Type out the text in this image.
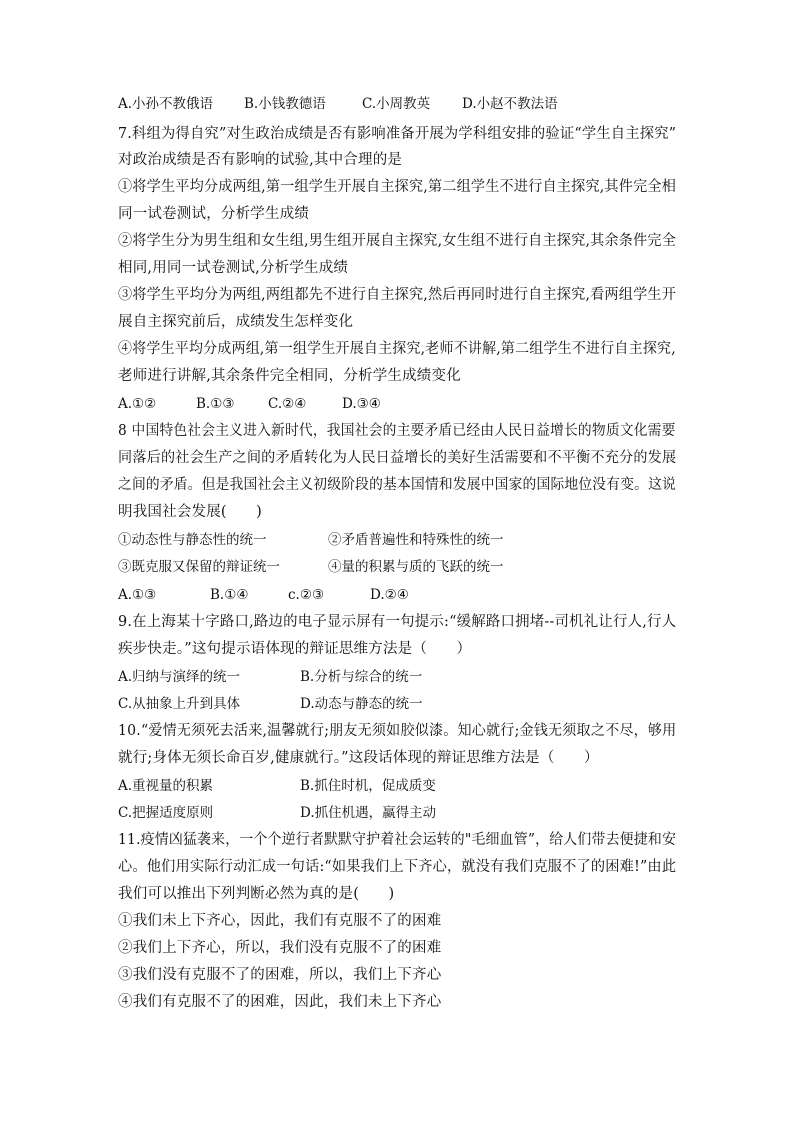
A.小孙不教俄语 B.小钱教德语	C.小周教英 D.小赵不教法语
7.科组为得自究”对生政治成绩是否有影响准备开展为学科组安排的验证“学生自主探究”
对政治成绩是否有影响的试验,其中合理的是
①将学生平均分成两组,第一组学生开展自主探究,第二组学生不进行自主探究,其件完全相
同一试卷测试，分析学生成绩
②将学生分为男生组和女生组,男生组开展自主探究,女生组不进行自主探究,其余条件完全
相同,用同一试卷测试,分析学生成绩
③将学生平均分为两组,两组都先不进行自主探究,然后再同时进行自主探究,看两组学生开
展自主探究前后，成绩发生怎样变化
④将学生平均分成两组,第一组学生开展自主探究,老师不讲解,第二组学生不进行自主探究,
老师进行讲解,其余条件完全相同，分析学生成绩变化
A.①②	B.①③ C.②④	D.③④
8 中国特色社会主义进入新时代，我国社会的主要矛盾已经由人民日益增长的物质文化需要
同落后的社会生产之间的矛盾转化为人民日益增长的美好生活需要和不平衡不充分的发展
之间的矛盾。但是我国社会主义初级阶段的基本国情和发展中国家的国际地位没有变。这说
明我国社会发展(　　)
①动态性与静态性的统一	②矛盾普遍性和特殊性的统一
③既克服又保留的辩证统一	④量的积累与质的飞跃的统一
A.①③	B.①④	c.②③	D.②④
9.在上海某十字路口,路边的电子显示屏有一句提示:“缓解路口拥堵--司机礼让行人,行人
疾步快走。”这句提示语体现的辩证思维方法是（　　）
A.归纳与演绎的统一	B.分析与综合的统一
C.从抽象上升到具体	D.动态与静态的统一
10.“爱情无须死去活来,温馨就行;朋友无须如胶似漆。知心就行;金钱无须取之不尽，够用
就行;身体无须长命百岁,健康就行。”这段话体现的辩证思维方法是（　　）
A.重视量的积累	B.抓住时机，促成质变
C.把握适度原则	D.抓住机遇，赢得主动
11.疫情凶猛袭来，一个个逆行者默默守护着社会运转的"毛细血管”，给人们带去便捷和安
心。他们用实际行动汇成一句话:“如果我们上下齐心，就没有我们克服不了的困难!”由此
我们可以推出下列判断必然为真的是(　　)
①我们未上下齐心，因此，我们有克服不了的困难
②我们上下齐心，所以，我们没有克服不了的困难
③我们没有克服不了的困难，所以，我们上下齐心
④我们有克服不了的困难，因此，我们未上下齐心
